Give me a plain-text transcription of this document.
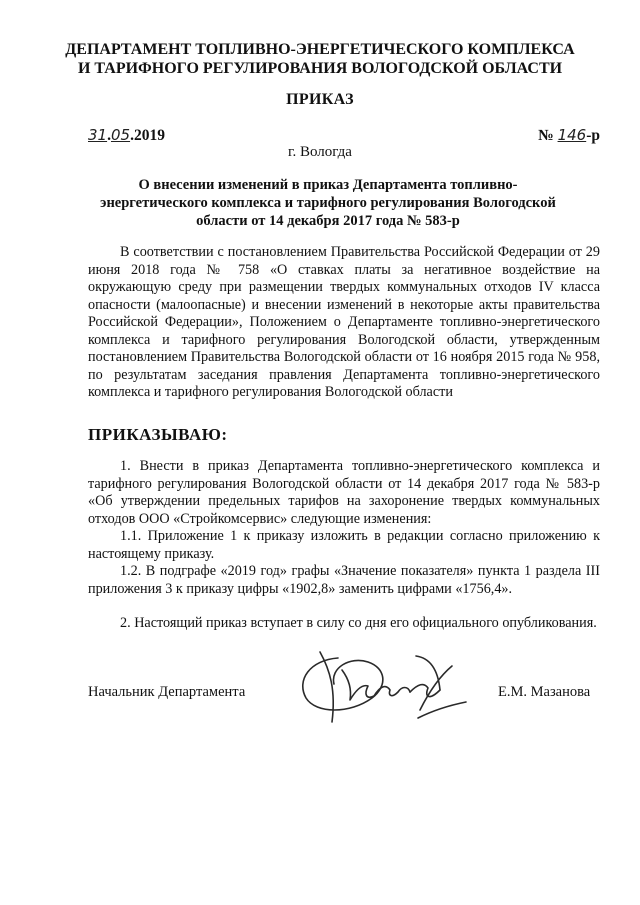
ДЕПАРТАМЕНТ ТОПЛИВНО-ЭНЕРГЕТИЧЕСКОГО КОМПЛЕКСА
И ТАРИФНОГО РЕГУЛИРОВАНИЯ ВОЛОГОДСКОЙ ОБЛАСТИ
ПРИКАЗ
31.05.2019	№ 146-р
г. Вологда
О внесении изменений в приказ Департамента топливно-
энергетического комплекса и тарифного регулирования Вологодской
области от 14 декабря 2017 года № 583-р
В соответствии с постановлением Правительства Российской Федерации от 29 июня 2018 года № 758 «О ставках платы за негативное воздействие на окружающую среду при размещении твердых коммунальных отходов IV класса опасности (малоопасные) и внесении изменений в некоторые акты правительства Российской Федерации», Положением о Департаменте топливно-энергетического комплекса и тарифного регулирования Вологодской области, утвержденным постановлением Правительства Вологодской области от 16 ноября 2015 года № 958, по результатам заседания правления Департамента топливно-энергетического комплекса и тарифного регулирования Вологодской области
ПРИКАЗЫВАЮ:
1. Внести в приказ Департамента топливно-энергетического комплекса и тарифного регулирования Вологодской области от 14 декабря 2017 года № 583-р «Об утверждении предельных тарифов на захоронение твердых коммунальных отходов ООО «Стройкомсервис» следующие изменения:
1.1. Приложение 1 к приказу изложить в редакции согласно приложению к настоящему приказу.
1.2. В подграфе «2019 год» графы «Значение показателя» пункта 1 раздела III приложения 3 к приказу цифры «1902,8» заменить цифрами «1756,4».
2. Настоящий приказ вступает в силу со дня его официального опубликования.
Начальник Департамента	Е.М. Мазанова
